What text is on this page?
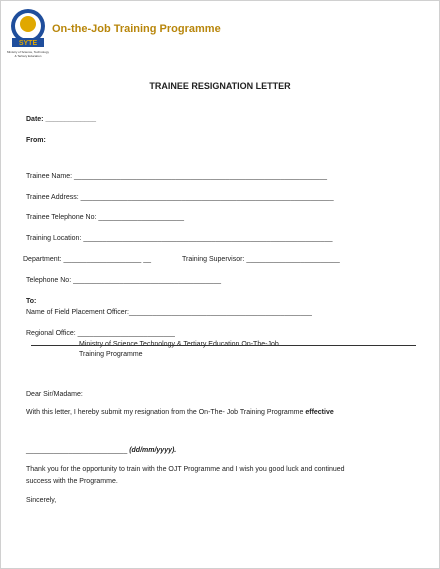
SYTE
Ministry of Science, Technology & Tertiary Education
On-the-Job Training Programme
TRAINEE RESIGNATION LETTER
Date: _____________
From:
Trainee Name: _________________________________________________________________
Trainee Address: _________________________________________________________________
Trainee Telephone No: ______________________
Training Location: ________________________________________________________________
Department: ____________________ __	Training Supervisor: ________________________
Telephone No: ______________________________________
To:
Name of Field Placement Officer:_______________________________________________
Regional Office: _________________________
Training Programme
Dear Sir/Madame:
With this letter, I hereby submit my resignation from the On-The- Job Training Programme effective
__________________________ (dd/mm/yyyy).
Thank you for the opportunity to train with the OJT Programme and I wish you good luck and continued
success with the Programme.
Sincerely,
